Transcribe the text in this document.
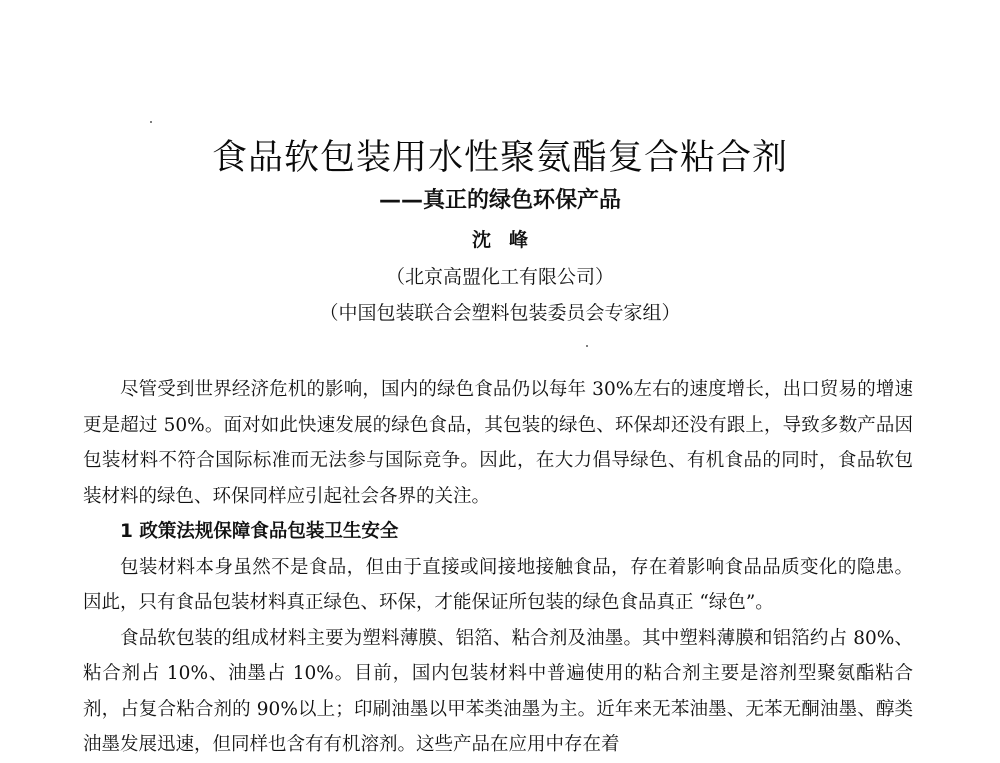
食品软包装用水性聚氨酯复合粘合剂
——真正的绿色环保产品
沈峰
（北京高盟化工有限公司）
（中国包装联合会塑料包装委员会专家组）

尽管受到世界经济危机的影响，国内的绿色食品仍以每年 30%左右的速度增长，出口贸易的增速更是超过 50%。面对如此快速发展的绿色食品，其包装的绿色、环保却还没有跟上，导致多数产品因包装材料不符合国际标准而无法参与国际竞争。因此，在大力倡导绿色、有机食品的同时，食品软包装材料的绿色、环保同样应引起社会各界的关注。

1 政策法规保障食品包装卫生安全

包装材料本身虽然不是食品，但由于直接或间接地接触食品，存在着影响食品品质变化的隐患。因此，只有食品包装材料真正绿色、环保，才能保证所包装的绿色食品真正 “绿色”。

食品软包装的组成材料主要为塑料薄膜、铝箔、粘合剂及油墨。其中塑料薄膜和铝箔约占 80%、粘合剂占 10%、油墨占 10%。目前，国内包装材料中普遍使用的粘合剂主要是溶剂型聚氨酯粘合剂，占复合粘合剂的 90%以上；印刷油墨以甲苯类油墨为主。近年来无苯油墨、无苯无酮油墨、醇类油墨发展迅速，但同样也含有有机溶剂。这些产品在应用中存在着
